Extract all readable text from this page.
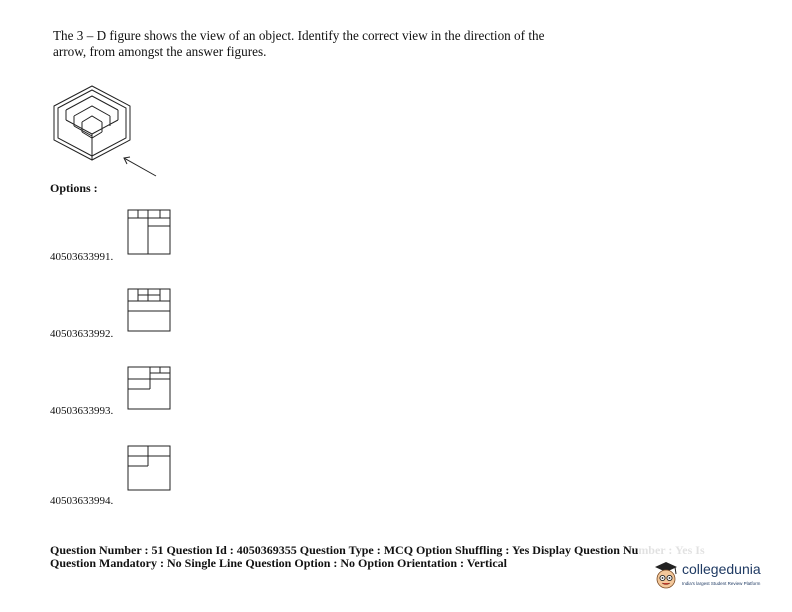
The 3 – D figure shows the view of an object. Identify the correct view in the direction of the
arrow, from amongst the answer figures.
Options :
40503633991.
40503633992.
40503633993.
40503633994.
Question Number : 51 Question Id : 4050369355 Question Type : MCQ Option Shuffling : Yes Display Question Number : Yes Is
Question Mandatory : No Single Line Question Option : No Option Orientation : Vertical	collegedunia
India's largest Student Review Platform
